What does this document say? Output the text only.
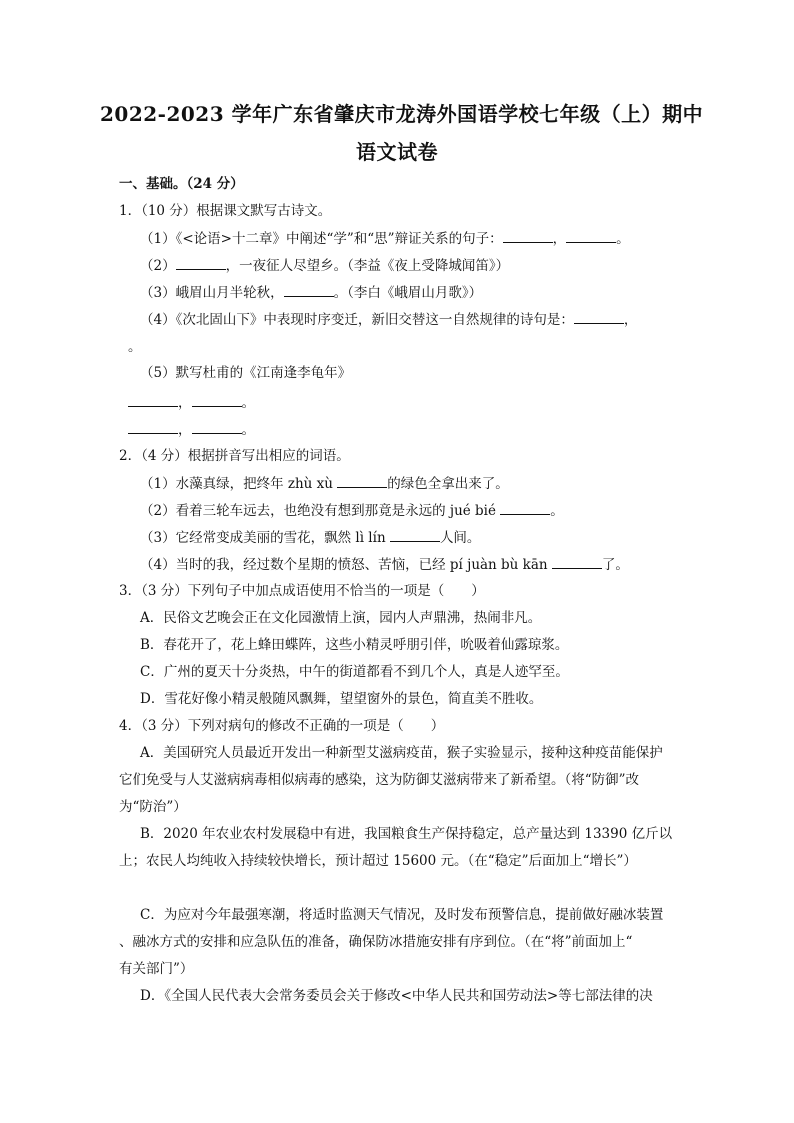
2022-2023 学年广东省肇庆市龙涛外国语学校七年级（上）期中
语文试卷
一、基础。（24 分）
1．（10 分）根据课文默写古诗文。
（1）《<论语>十二章》中阐述“学”和“思”辩证关系的句子：	，	。
（2）	，一夜征人尽望乡。（李益《夜上受降城闻笛》）
（3）峨眉山月半轮秋，	。（李白《峨眉山月歌》）
（4）《次北固山下》中表现时序变迁，新旧交替这一自然规律的诗句是：	，
。
（5）默写杜甫的《江南逢李龟年》
，	。
，	。
2．（4 分）根据拼音写出相应的词语。
（1）水藻真绿，把终年 zhù xù	的绿色全拿出来了。
（2）看着三轮车远去，也绝没有想到那竟是永远的 jué bié	。
（3）它经常变成美丽的雪花，飘然 lì lín	人间。
（4）当时的我，经过数个星期的愤怒、苦恼，已经 pí juàn bù kān	了。
3．（3 分）下列句子中加点成语使用不恰当的一项是（　　）
A．民俗文艺晚会正在文化园激情上演，园内人声鼎沸，热闹非凡。
B．春花开了，花上蜂田蝶阵，这些小精灵呼朋引伴，吮吸着仙露琼浆。
C．广州的夏天十分炎热，中午的街道都看不到几个人，真是人迹罕至。
D．雪花好像小精灵般随风飘舞，望望窗外的景色，简直美不胜收。
4．（3 分）下列对病句的修改不正确的一项是（　　）
A．美国研究人员最近开发出一种新型艾滋病疫苗，猴子实验显示，接种这种疫苗能保护
它们免受与人艾滋病病毒相似病毒的感染，这为防御艾滋病带来了新希望。（将“防御”改
为“防治”）
B．2020 年农业农村发展稳中有进，我国粮食生产保持稳定，总产量达到 13390 亿斤以
上；农民人均纯收入持续较快增长，预计超过 15600 元。（在“稳定”后面加上“增长”）
C．为应对今年最强寒潮，将适时监测天气情况，及时发布预警信息，提前做好融冰装置
、融冰方式的安排和应急队伍的准备，确保防冰措施安排有序到位。（在“将”前面加上“
有关部门”）
D．《全国人民代表大会常务委员会关于修改<中华人民共和国劳动法>等七部法律的决
